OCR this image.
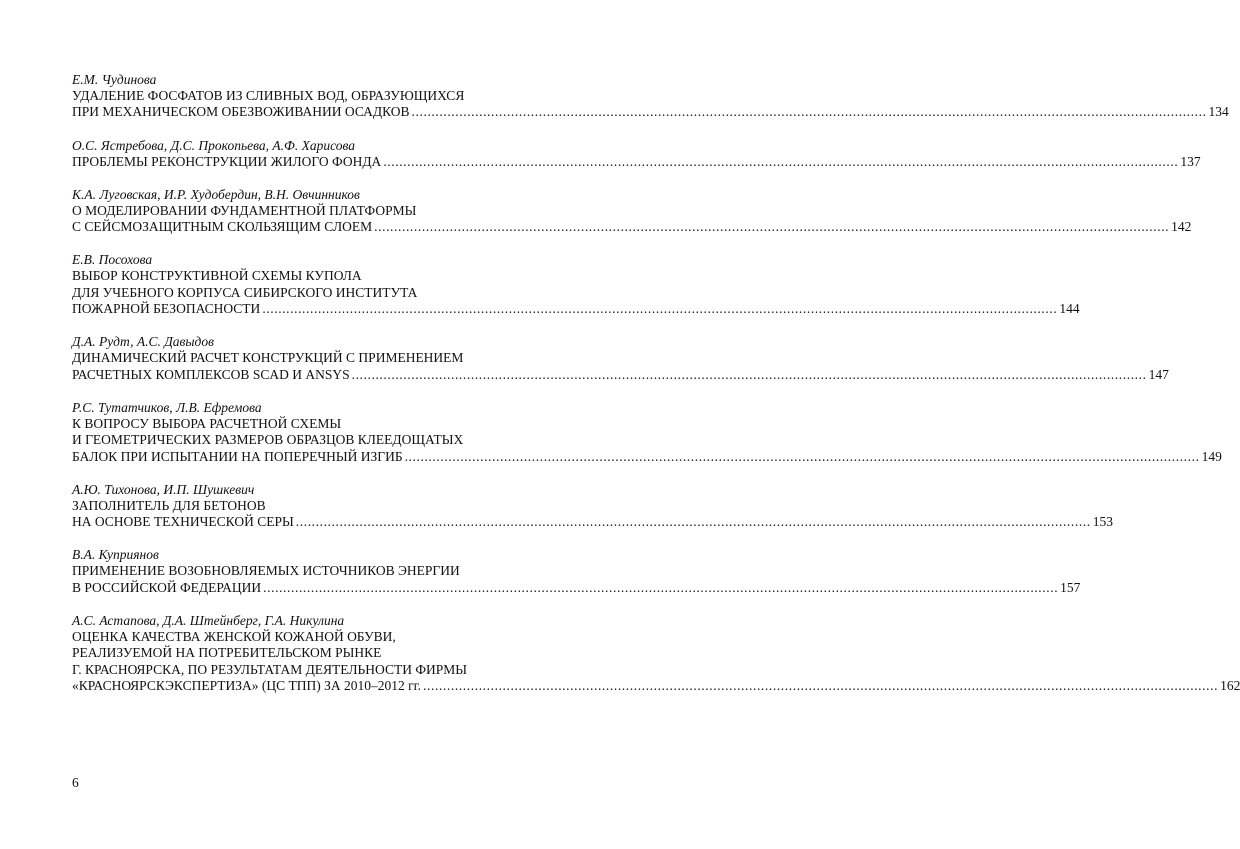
Е.М. Чудинова
УДАЛЕНИЕ ФОСФАТОВ ИЗ СЛИВНЫХ ВОД, ОБРАЗУЮЩИХСЯ
ПРИ МЕХАНИЧЕСКОМ ОБЕЗВОЖИВАНИИ ОСАДКОВ ........................................................................................................................................................................................................ 134
О.С. Ястребова, Д.С. Прокопьева, А.Ф. Харисова
ПРОБЛЕМЫ РЕКОНСТРУКЦИИ ЖИЛОГО ФОНДА ........................................................................................................................................................................................................ 137
К.А. Луговская, И.Р. Худобердин, В.Н. Овчинников
О МОДЕЛИРОВАНИИ ФУНДАМЕНТНОЙ ПЛАТФОРМЫ
С СЕЙСМОЗАЩИТНЫМ СКОЛЬЗЯЩИМ СЛОЕМ ........................................................................................................................................................................................................ 142
Е.В. Посохова
ВЫБОР КОНСТРУКТИВНОЙ СХЕМЫ КУПОЛА
ДЛЯ УЧЕБНОГО КОРПУСА СИБИРСКОГО ИНСТИТУТА
ПОЖАРНОЙ БЕЗОПАСНОСТИ ........................................................................................................................................................................................................ 144
Д.А. Рудт, А.С. Давыдов
ДИНАМИЧЕСКИЙ РАСЧЕТ КОНСТРУКЦИЙ С ПРИМЕНЕНИЕМ
РАСЧЕТНЫХ КОМПЛЕКСОВ SCAD И ANSYS ........................................................................................................................................................................................................ 147
Р.С. Тутатчиков, Л.В. Ефремова
К ВОПРОСУ ВЫБОРА РАСЧЕТНОЙ СХЕМЫ
И ГЕОМЕТРИЧЕСКИХ РАЗМЕРОВ ОБРАЗЦОВ КЛЕЕДОЩАТЫХ
БАЛОК ПРИ ИСПЫТАНИИ НА ПОПЕРЕЧНЫЙ ИЗГИБ ........................................................................................................................................................................................................ 149
А.Ю. Тихонова, И.П. Шушкевич
ЗАПОЛНИТЕЛЬ ДЛЯ БЕТОНОВ
НА ОСНОВЕ ТЕХНИЧЕСКОЙ СЕРЫ ........................................................................................................................................................................................................ 153
В.А. Куприянов
ПРИМЕНЕНИЕ ВОЗОБНОВЛЯЕМЫХ ИСТОЧНИКОВ ЭНЕРГИИ
В РОССИЙСКОЙ ФЕДЕРАЦИИ ........................................................................................................................................................................................................ 157
А.С. Астапова, Д.А. Штейнберг, Г.А. Никулина
ОЦЕНКА КАЧЕСТВА ЖЕНСКОЙ КОЖАНОЙ ОБУВИ,
РЕАЛИЗУЕМОЙ НА ПОТРЕБИТЕЛЬСКОМ РЫНКЕ
Г. КРАСНОЯРСКА, ПО РЕЗУЛЬТАТАМ ДЕЯТЕЛЬНОСТИ ФИРМЫ
«КРАСНОЯРСКЭКСПЕРТИЗА» (ЦС ТПП) ЗА 2010–2012 гг. ........................................................................................................................................................................................................ 162
6
